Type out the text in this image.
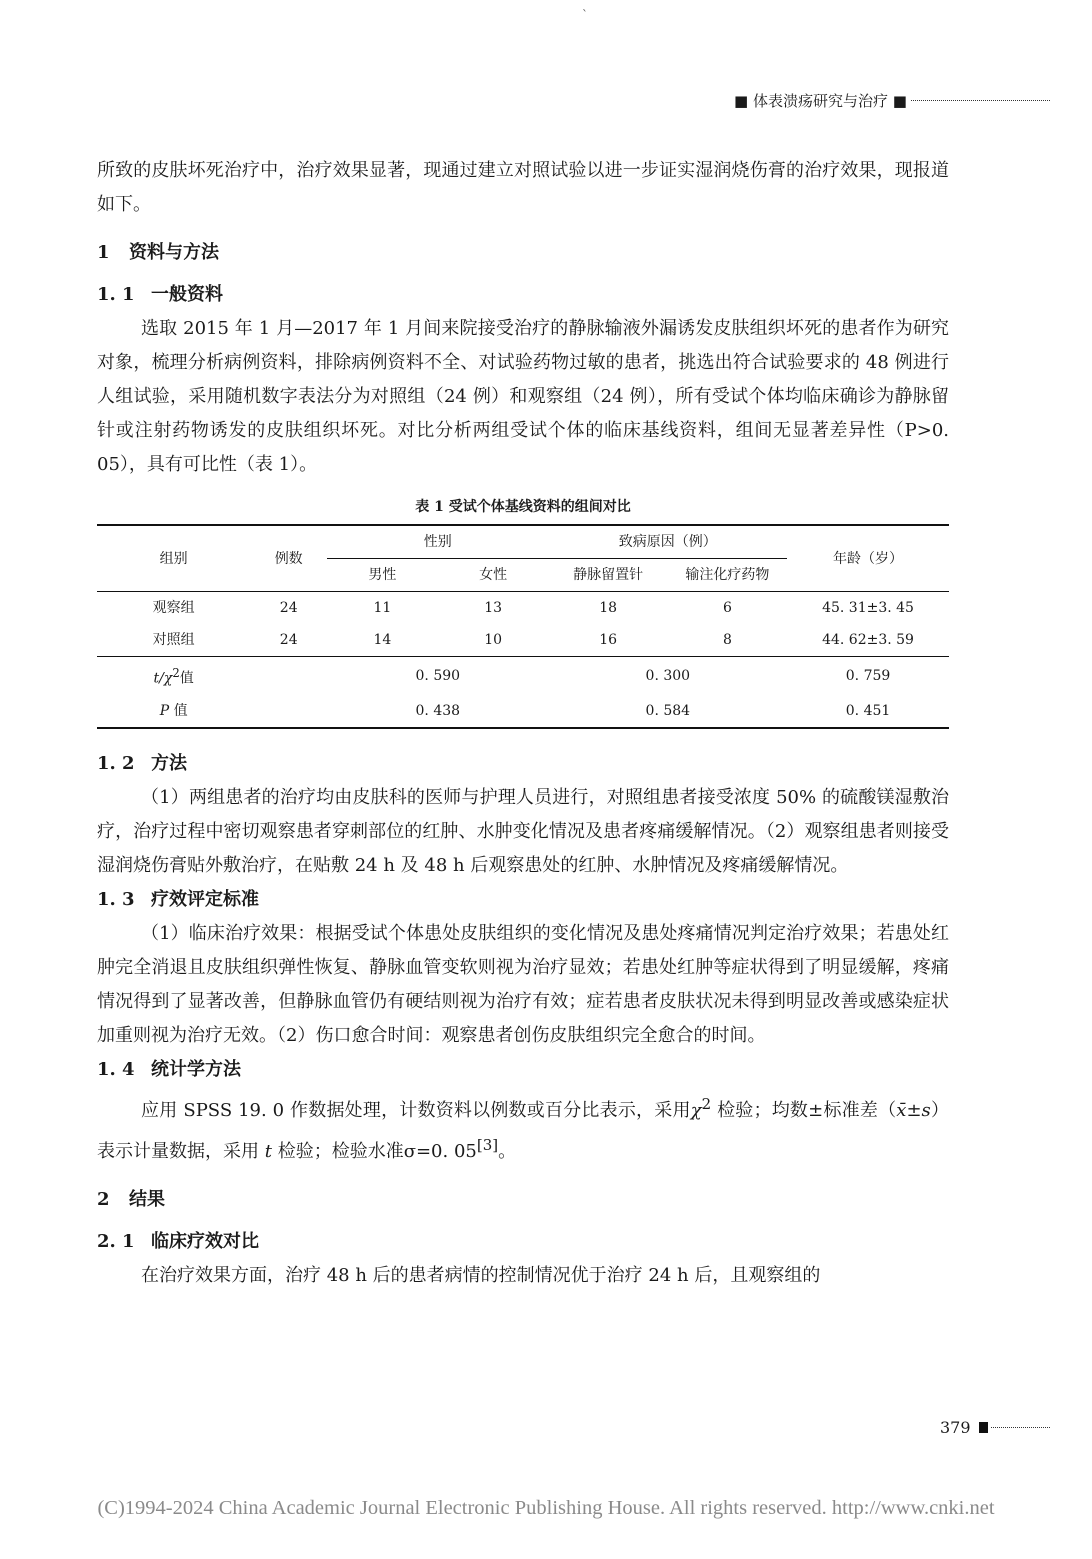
`
■ 体表溃疡研究与治疗 ■

所致的皮肤坏死治疗中，治疗效果显著，现通过建立对照试验以进一步证实湿润烧伤膏的治疗效果，现报道如下。

1 资料与方法

1. 1 一般资料

选取 2015 年 1 月—2017 年 1 月间来院接受治疗的静脉输液外漏诱发皮肤组织坏死的患者作为研究对象，梳理分析病例资料，排除病例资料不全、对试验药物过敏的患者，挑选出符合试验要求的 48 例进行人组试验，采用随机数字表法分为对照组（24 例）和观察组（24 例），所有受试个体均临床确诊为静脉留针或注射药物诱发的皮肤组织坏死。对比分析两组受试个体的临床基线资料，组间无显著差异性（P>0. 05），具有可比性（表 1）。

表 1 受试个体基线资料的组间对比

组别	例数	性别		致病原因（例）		年龄（岁）
		男性	女性	静脉留置针	输注化疗药物	
观察组	24	11	13	18	6	45. 31±3. 45
对照组	24	14	10	16	8	44. 62±3. 59
$t/\chi^2$值		0. 590		0. 300		0. 759
P 值		0. 438		0. 584		0. 451

1. 2 方法

（1）两组患者的治疗均由皮肤科的医师与护理人员进行，对照组患者接受浓度 50% 的硫酸镁湿敷治疗，治疗过程中密切观察患者穿刺部位的红肿、水肿变化情况及患者疼痛缓解情况。（2）观察组患者则接受湿润烧伤膏贴外敷治疗，在贴敷 24 h 及 48 h 后观察患处的红肿、水肿情况及疼痛缓解情况。

1. 3 疗效评定标准

（1）临床治疗效果：根据受试个体患处皮肤组织的变化情况及患处疼痛情况判定治疗效果；若患处红肿完全消退且皮肤组织弹性恢复、静脉血管变软则视为治疗显效；若患处红肿等症状得到了明显缓解，疼痛情况得到了显著改善，但静脉血管仍有硬结则视为治疗有效；症若患者皮肤状况未得到明显改善或感染症状加重则视为治疗无效。（2）伤口愈合时间：观察患者创伤皮肤组织完全愈合的时间。

1. 4 统计学方法

应用 SPSS 19. 0 作数据处理，计数资料以例数或百分比表示，采用$\chi^2$ 检验；均数±标准差（x̄±s）表示计量数据，采用 t 检验；检验水准σ=0. 05[3]。

2 结果

2. 1 临床疗效对比

在治疗效果方面，治疗 48 h 后的患者病情的控制情况优于治疗 24 h 后，且观察组的

379
(C)1994-2024 China Academic Journal Electronic Publishing House. All rights reserved. http://www.cnki.net
